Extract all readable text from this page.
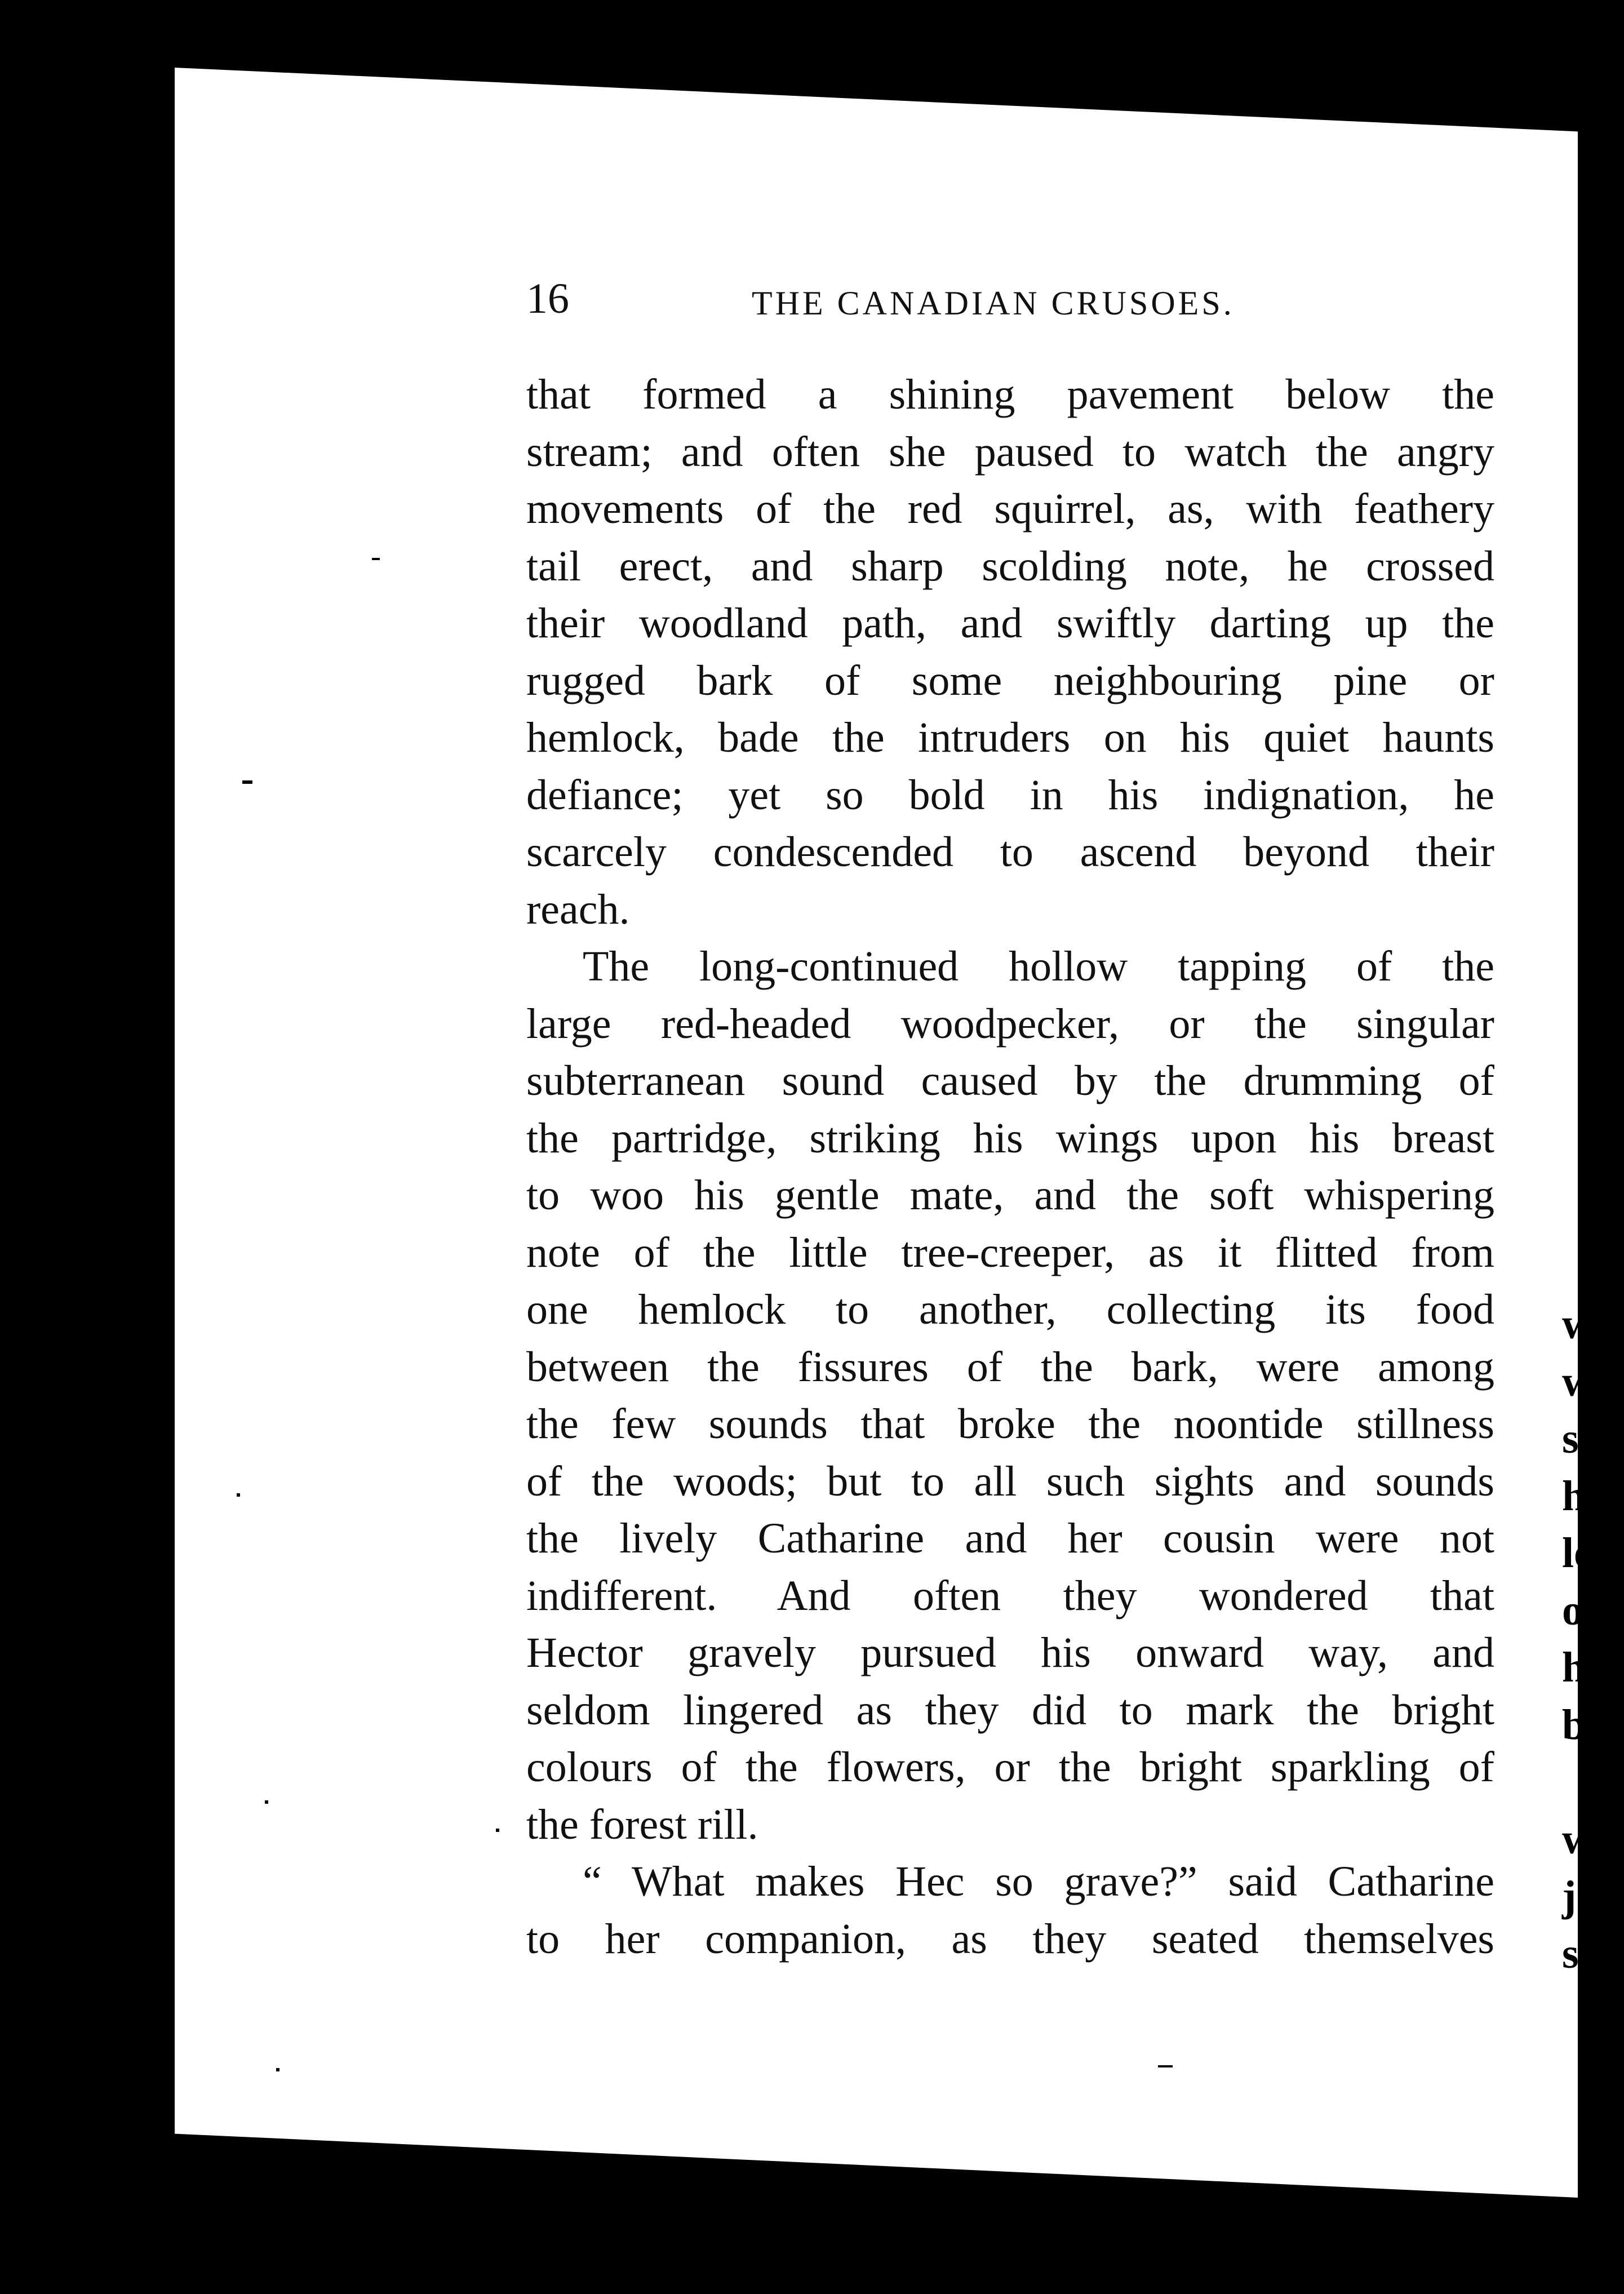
16	THE CANADIAN CRUSOES.
that formed a shining pavement below the
stream; and often she paused to watch the angry
movements of the red squirrel, as, with feathery
tail erect, and sharp scolding note, he crossed
their woodland path, and swiftly darting up the
rugged bark of some neighbouring pine or
hemlock, bade the intruders on his quiet haunts
defiance; yet so bold in his indignation, he
scarcely condescended to ascend beyond their
reach.
The long-continued hollow tapping of the
large red-headed woodpecker, or the singular
subterranean sound caused by the drumming of
the partridge, striking his wings upon his breast
to woo his gentle mate, and the soft whispering
note of the little tree-creeper, as it flitted from
one hemlock to another, collecting its food
between the fissures of the bark, were among
the few sounds that broke the noontide stillness
of the woods; but to all such sights and sounds
the lively Catharine and her cousin were not
indifferent. And often they wondered that
Hector gravely pursued his onward way, and
seldom lingered as they did to mark the bright
colours of the flowers, or the bright sparkling of
the forest rill.
“ What makes Hec so grave?” said Catharine
to her companion, as they seated themselves
w
w
s
h
le
o
h
b

w
jo
su
